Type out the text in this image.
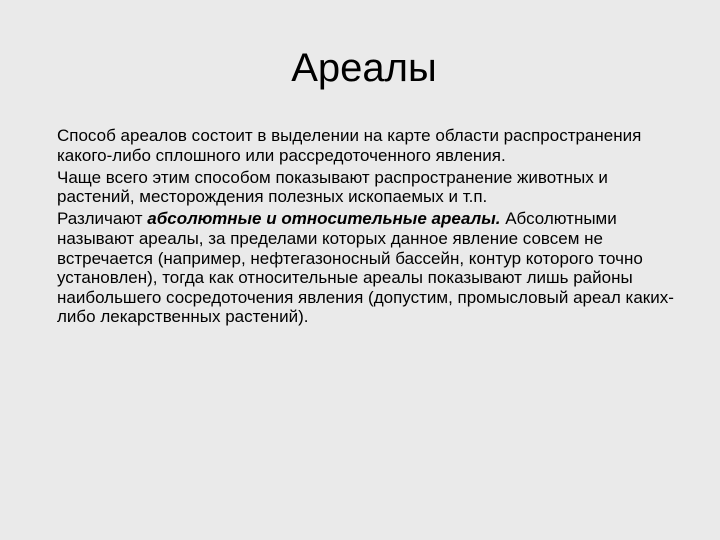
Ареалы

Способ ареалов состоит в выделении на карте области распространения какого-либо сплошного или рассредоточенного явления.

Чаще всего этим способом показывают распространение животных и растений, месторождения полезных ископаемых и т.п.

Различают абсолютные и относительные ареалы. Абсолютными называют ареалы, за пределами которых данное явление совсем не встречается (например, нефтегазоносный бассейн, контур которого точно установлен), тогда как относительные ареалы показывают лишь районы наибольшего сосредоточения явления (допустим, промысловый ареал каких-либо лекарственных растений).
